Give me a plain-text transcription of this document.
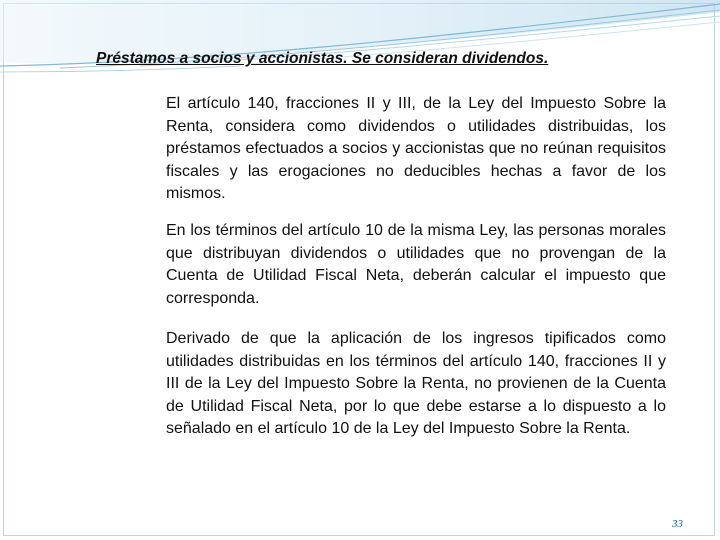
Préstamos a socios y accionistas. Se consideran dividendos.

El artículo 140, fracciones II y III, de la Ley del Impuesto Sobre la Renta, considera como dividendos o utilidades distribuidas, los préstamos efectuados a socios y accionistas que no reúnan requisitos fiscales y las erogaciones no deducibles hechas a favor de los mismos.

En los términos del artículo 10 de la misma Ley, las personas morales que distribuyan dividendos o utilidades que no provengan de la Cuenta de Utilidad Fiscal Neta, deberán calcular el impuesto que corresponda.

Derivado de que la aplicación de los ingresos tipificados como utilidades distribuidas en los términos del artículo 140, fracciones II y III de la Ley del Impuesto Sobre la Renta, no provienen de la Cuenta de Utilidad Fiscal Neta, por lo que debe estarse a lo dispuesto a lo señalado en el artículo 10 de la Ley del Impuesto Sobre la Renta.

33
